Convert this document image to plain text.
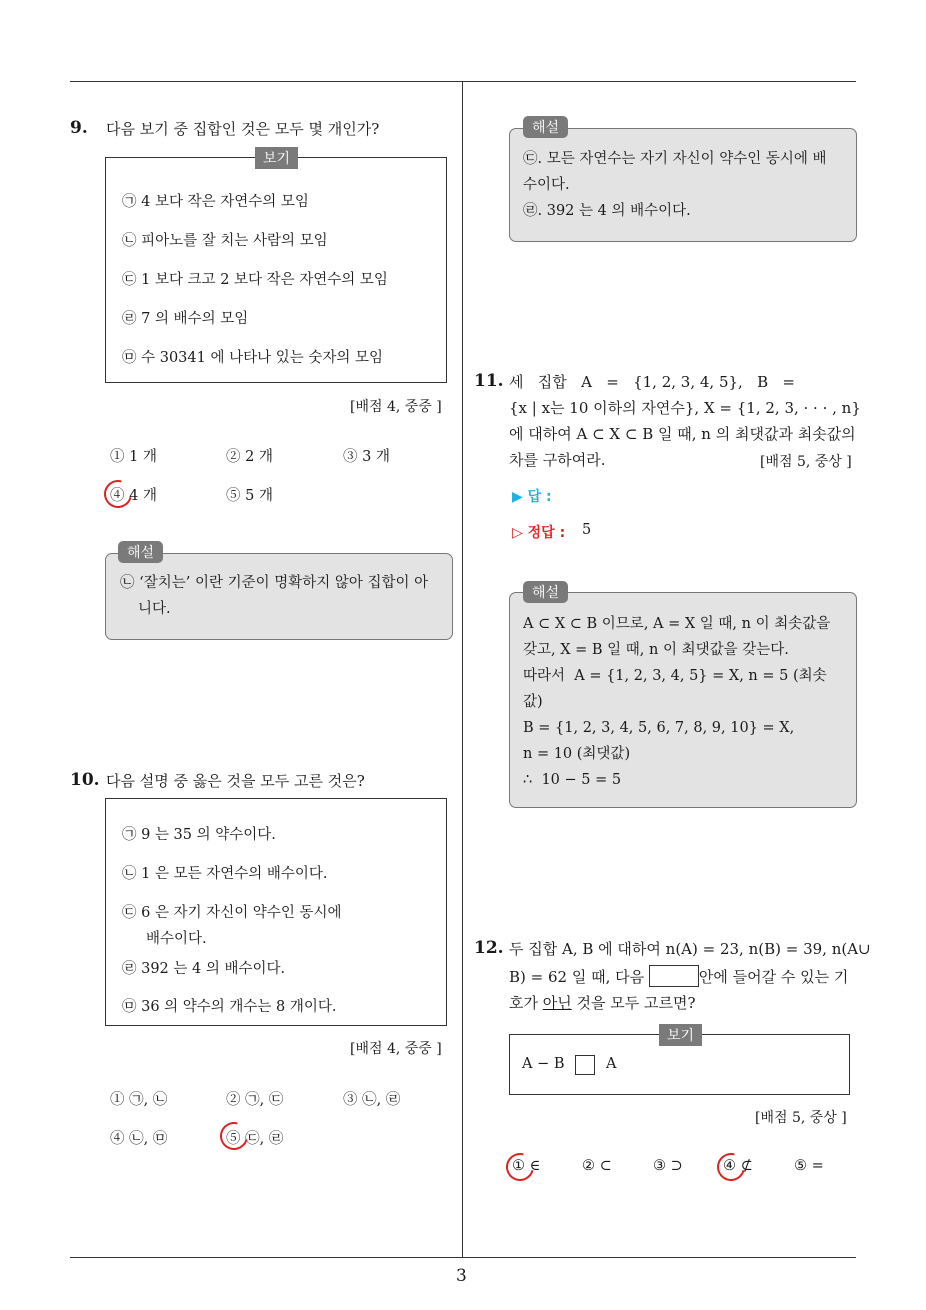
9. 다음 보기 중 집합인 것은 모두 몇 개인가?
보기
㉠ 4 보다 작은 자연수의 모임
㉡ 피아노를 잘 치는 사람의 모임
㉢ 1 보다 크고 2 보다 작은 자연수의 모임
㉣ 7 의 배수의 모임
㉤ 수 30341 에 나타나 있는 숫자의 모임
[배점 4, 중중 ]
① 1 개	② 2 개	③ 3 개
④ 4 개	⑤ 5 개
해설
㉡ ‘잘치는’ 이란 기준이 명확하지 않아 집합이 아
니다.
10. 다음 설명 중 옳은 것을 모두 고른 것은?
㉠ 9 는 35 의 약수이다.
㉡ 1 은 모든 자연수의 배수이다.
㉢ 6 은 자기 자신이 약수인 동시에
배수이다.
㉣ 392 는 4 의 배수이다.
㉤ 36 의 약수의 개수는 8 개이다.
[배점 4, 중중 ]
① ㉠, ㉡	② ㉠, ㉢	③ ㉡, ㉣
④ ㉡, ㉤	⑤ ㉢, ㉣
해설
㉢. 모든 자연수는 자기 자신이 약수인 동시에 배
수이다.
㉣. 392 는 4 의 배수이다.
11. 세   집합   A   =   {1, 2, 3, 4, 5},   B   =
{x | x는 10 이하의 자연수}, X = {1, 2, 3, · · · , n}
에 대하여 A ⊂ X ⊂ B 일 때, n 의 최댓값과 최솟값의
차를 구하여라.	[배점 5, 중상 ]
▶ 답 :
▷ 정답 : 5
해설
A ⊂ X ⊂ B 이므로, A = X 일 때, n 이 최솟값을
갖고, X = B 일 때, n 이 최댓값을 갖는다.
따라서  A = {1, 2, 3, 4, 5} = X, n = 5 (최솟
값)
B = {1, 2, 3, 4, 5, 6, 7, 8, 9, 10} = X,
n = 10 (최댓값)
∴  10 − 5 = 5
12. 두 집합 A, B 에 대하여 n(A) = 23, n(B) = 39, n(A∪
B) = 62 일 때, 다음	안에 들어갈 수 있는 기
호가 아닌 것을 모두 고르면?
보기
A − B	A
[배점 5, 중상 ]
① ∈	② ⊂	③ ⊃	④ ⊄	⑤ =
3
